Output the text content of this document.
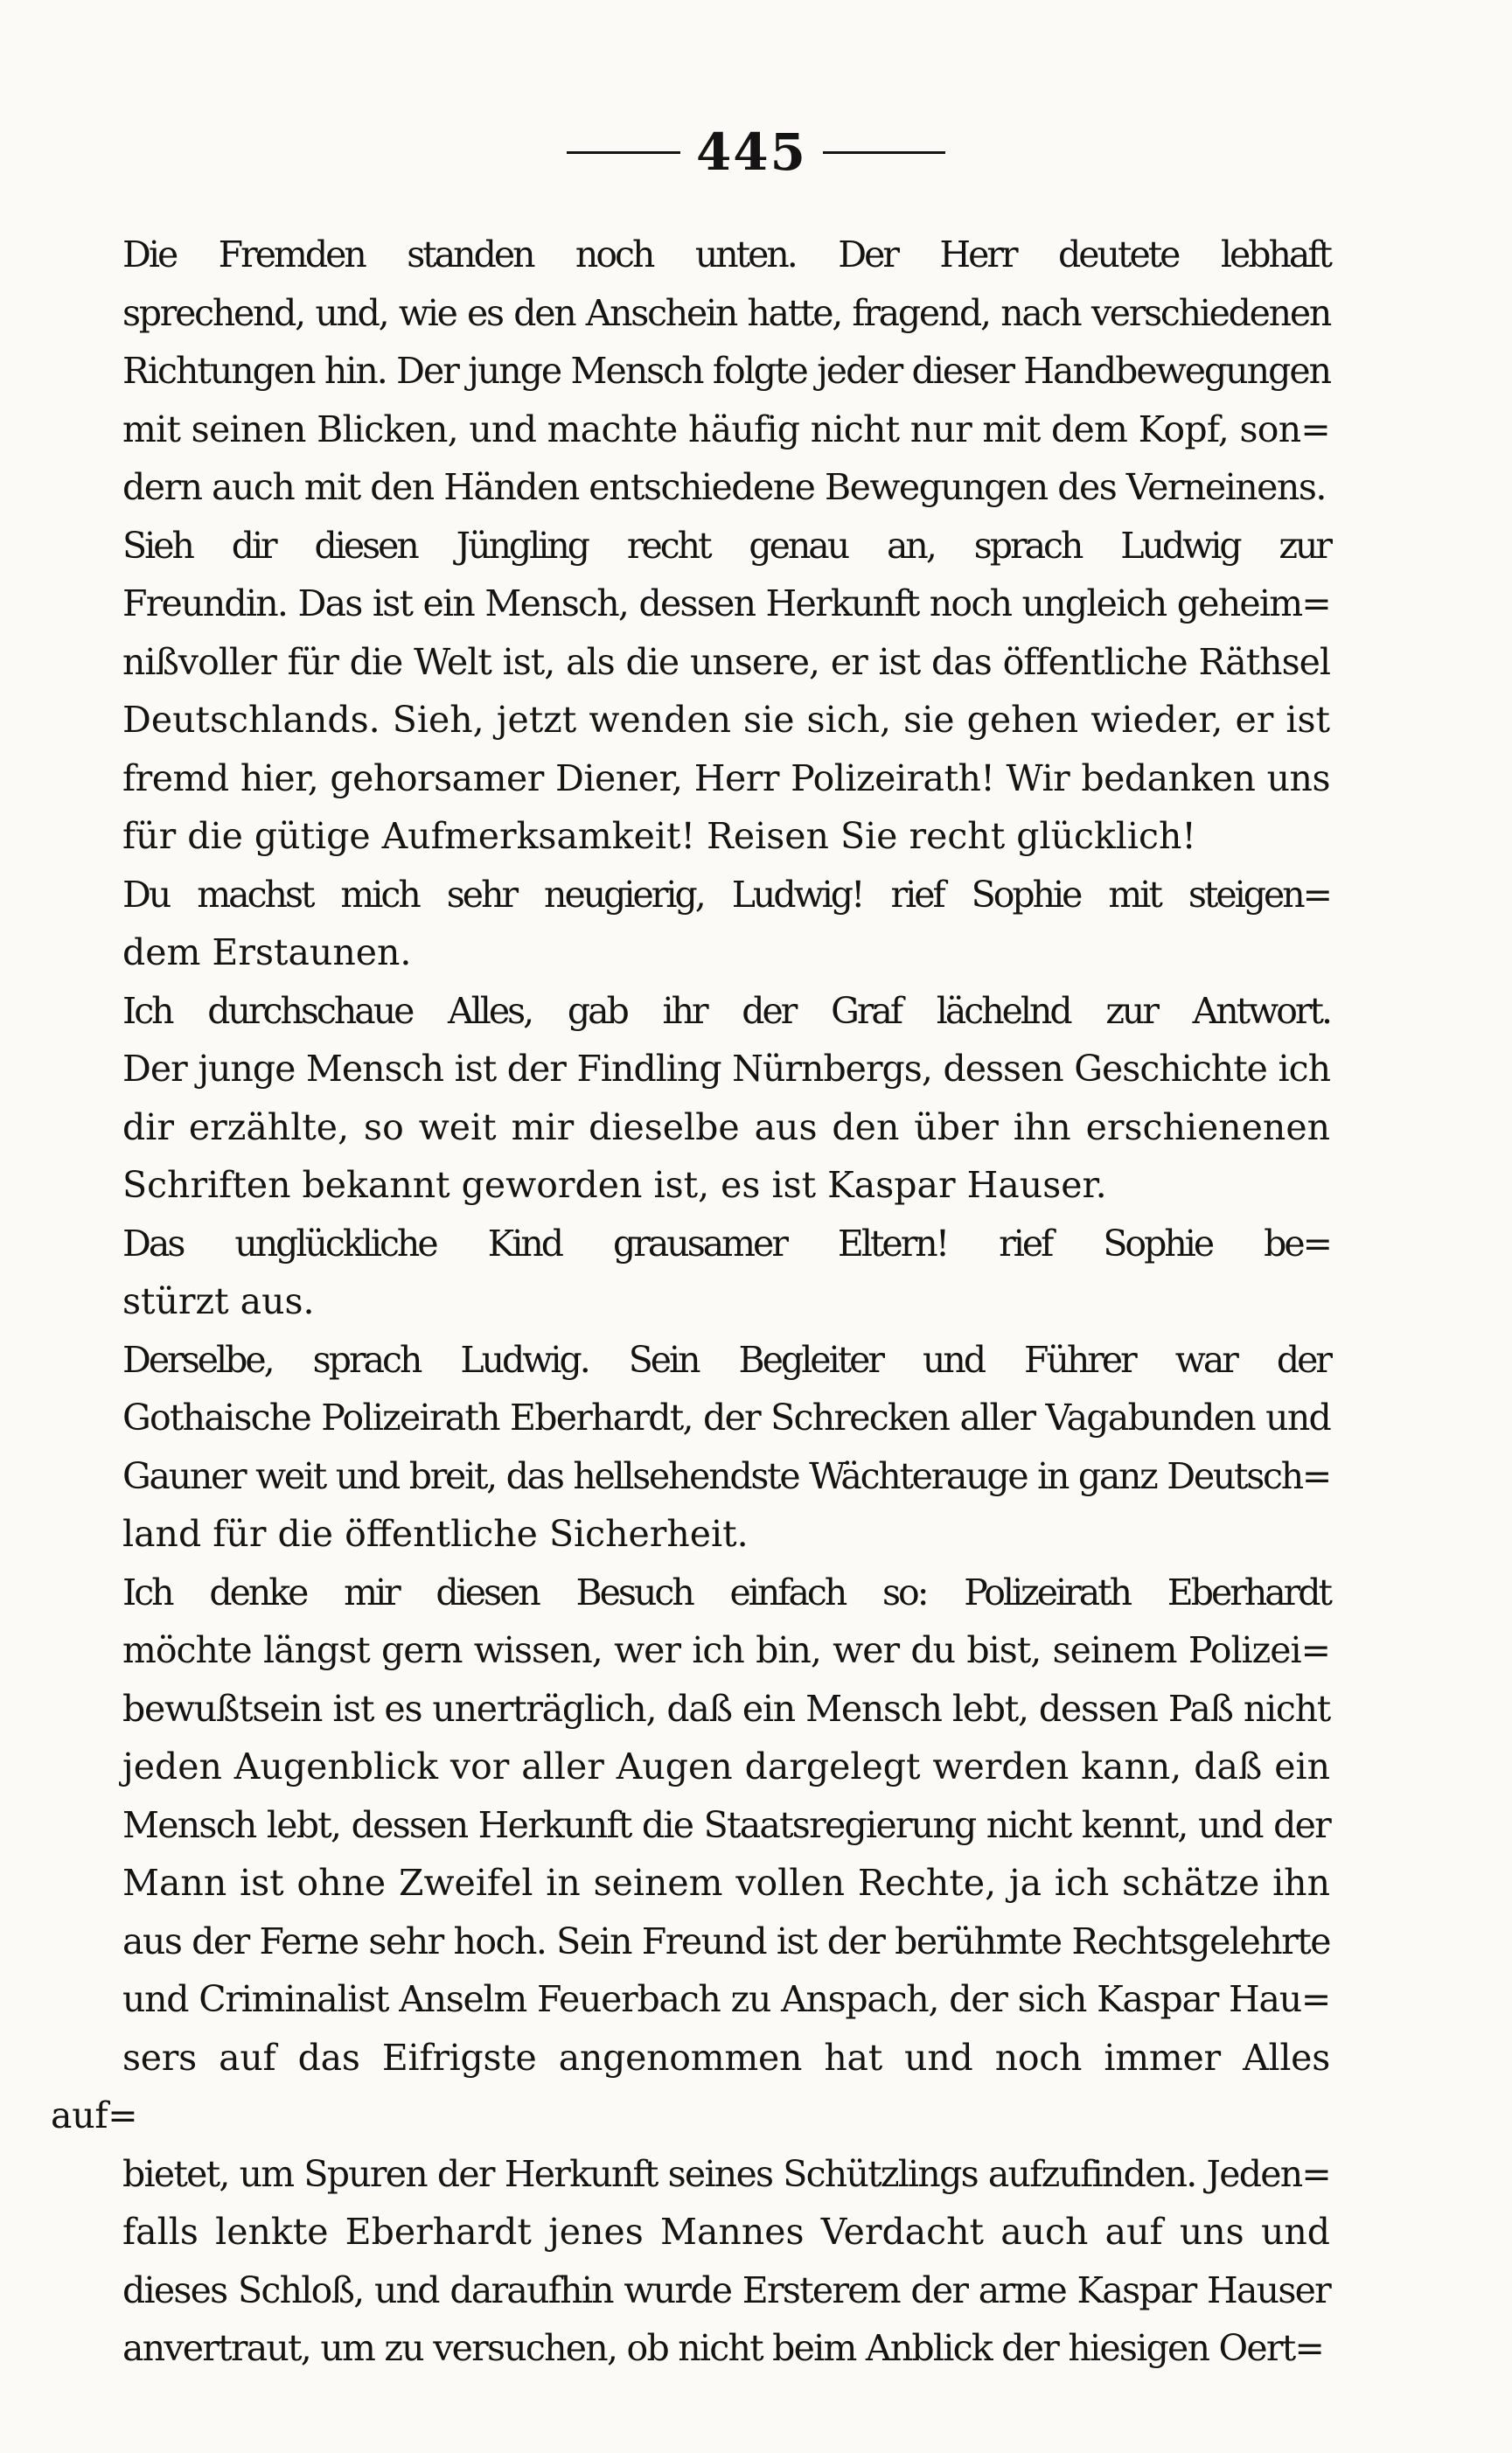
445
Die Fremden standen noch unten. Der Herr deutete lebhaft
sprechend, und, wie es den Anschein hatte, fragend, nach verschiedenen
Richtungen hin. Der junge Mensch folgte jeder dieser Handbewegungen
mit seinen Blicken, und machte häufig nicht nur mit dem Kopf, son=
dern auch mit den Händen entschiedene Bewegungen des Verneinens.
Sieh dir diesen Jüngling recht genau an, sprach Ludwig zur
Freundin. Das ist ein Mensch, dessen Herkunft noch ungleich geheim=
nißvoller für die Welt ist, als die unsere, er ist das öffentliche Räthsel
Deutschlands. Sieh, jetzt wenden sie sich, sie gehen wieder, er ist
fremd hier, gehorsamer Diener, Herr Polizeirath! Wir bedanken uns
für die gütige Aufmerksamkeit! Reisen Sie recht glücklich!
Du machst mich sehr neugierig, Ludwig! rief Sophie mit steigen=
dem Erstaunen.
Ich durchschaue Alles, gab ihr der Graf lächelnd zur Antwort.
Der junge Mensch ist der Findling Nürnbergs, dessen Geschichte ich
dir erzählte, so weit mir dieselbe aus den über ihn erschienenen
Schriften bekannt geworden ist, es ist Kaspar Hauser.
Das unglückliche Kind grausamer Eltern! rief Sophie be=
stürzt aus.
Derselbe, sprach Ludwig. Sein Begleiter und Führer war der
Gothaische Polizeirath Eberhardt, der Schrecken aller Vagabunden und
Gauner weit und breit, das hellsehendste Wächterauge in ganz Deutsch=
land für die öffentliche Sicherheit.
Ich denke mir diesen Besuch einfach so: Polizeirath Eberhardt
möchte längst gern wissen, wer ich bin, wer du bist, seinem Polizei=
bewußtsein ist es unerträglich, daß ein Mensch lebt, dessen Paß nicht
jeden Augenblick vor aller Augen dargelegt werden kann, daß ein
Mensch lebt, dessen Herkunft die Staatsregierung nicht kennt, und der
Mann ist ohne Zweifel in seinem vollen Rechte, ja ich schätze ihn
aus der Ferne sehr hoch. Sein Freund ist der berühmte Rechtsgelehrte
und Criminalist Anselm Feuerbach zu Anspach, der sich Kaspar Hau=
sers auf das Eifrigste angenommen hat und noch immer Alles auf=
bietet, um Spuren der Herkunft seines Schützlings aufzufinden. Jeden=
falls lenkte Eberhardt jenes Mannes Verdacht auch auf uns und
dieses Schloß, und daraufhin wurde Ersterem der arme Kaspar Hauser
anvertraut, um zu versuchen, ob nicht beim Anblick der hiesigen Oert=
